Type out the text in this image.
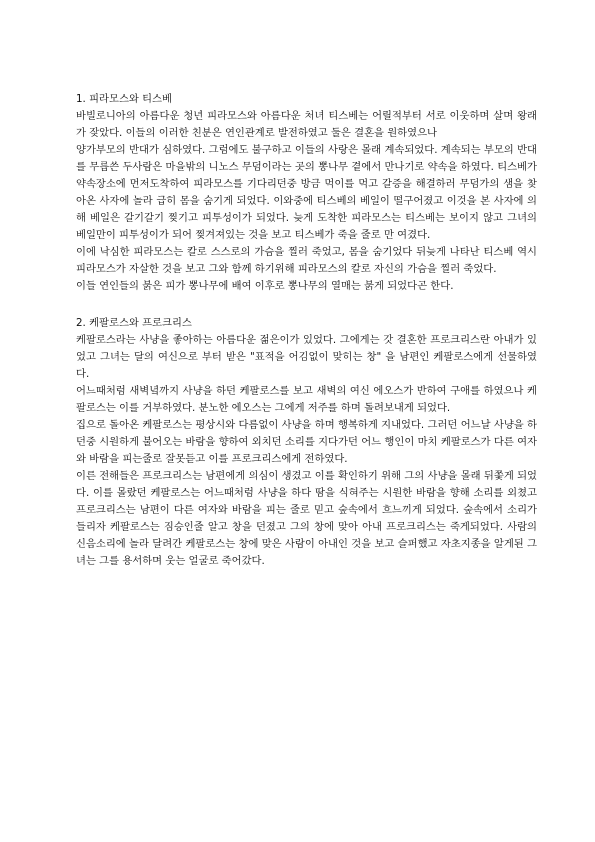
1. 피라모스와 티스베

바빌로니아의 아름다운 청년 피라모스와 아름다운 처녀 티스베는 어릴적부터 서로 이웃하며 살며 왕래가 잦았다. 이들의 이러한 친분은 연인관계로 발전하였고 둘은 결혼을 원하였으나

양가부모의 반대가 심하였다. 그럼에도 불구하고 이들의 사랑은 몰래 계속되었다. 계속되는 부모의 반대를 무릅쓴 두사람은 마을밖의 니노스 무덤이라는 곳의 뽕나무 곁에서 만나기로 약속을 하였다. 티스베가 약속장소에 먼저도착하여 피라모스를 기다리던중 방금 먹이를 먹고 갈증을 해결하러 무덤가의 샘을 찾아온 사자에 놀라 급히 몸을 숨기게 되었다. 이와중에 티스베의 베일이 떨구어졌고 이것을 본 사자에 의해 베일은 갈기갈기 찢기고 피투성이가 되었다. 늦게 도착한 피라모스는 티스베는 보이지 않고 그녀의 베일만이 피투성이가 되어 찢겨져있는 것을 보고 티스베가 죽을 줄로 만 여겼다.

이에 낙심한 피라모스는 칼로 스스로의 가슴을 찔러 죽었고, 몸을 숨기었다 뒤늦게 나타난 티스베 역시 피라모스가 자살한 것을 보고 그와 함께 하기위해 피라모스의 칼로 자신의 가슴을 찔러 죽었다.

이들 연인들의 붉은 피가 뽕나무에 배여 이후로 뽕나무의 열매는 붉게 되었다곤 한다.

2. 케팔로스와 프로크리스

케팔로스라는 사냥을 좋아하는 아름다운 젊은이가 있었다. 그에게는 갓 결혼한 프로크리스란 아내가 있었고 그녀는 달의 여신으로 부터 받은 "표적을 어김없이 맞히는 창" 을 남편인 케팔로스에게 선물하였다.

어느때처럼 새벽녘까지 사냥을 하던 케팔로스를 보고 새벽의 여신 에오스가 반하여 구애를 하였으나 케팔로스는 이를 거부하였다. 분노한 에오스는 그에게 저주를 하며 돌려보내게 되었다.

집으로 돌아온 케팔로스는 평상시와 다름없이 사냥을 하며 행복하게 지내었다. 그러던 어느날 사냥을 하던중 시원하게 불어오는 바람을 향하여 외치던 소리를 지다가던 어느 행인이 마치 케팔로스가 다른 여자와 바람을 피는줄로 잘못듣고 이를 프로크리스에게 전하였다.

이른 전해들은 프로크리스는 남편에게 의심이 생겼고 이를 확인하기 위해 그의 사냥을 몰래 뒤쫓게 되었다. 이를 몰랐던 케팔로스는 어느때처럼 사냥을 하다 땀을 식혀주는 시원한 바람을 향해 소리를 외쳤고 프로크리스는 남편이 다른 여자와 바람을 피는 줄로 믿고 숲속에서 흐느끼게 되었다. 숲속에서 소리가 들리자 케팔로스는 짐승인줄 알고 창을 던졌고 그의 창에 맞아 아내 프로크리스는 죽게되었다. 사람의 신음소리에 놀라 달려간 케팔로스는 창에 맞은 사람이 아내인 것을 보고 슬퍼했고 자초지종을 알게된 그녀는 그를 용서하며 웃는 얼굴로 죽어갔다.
